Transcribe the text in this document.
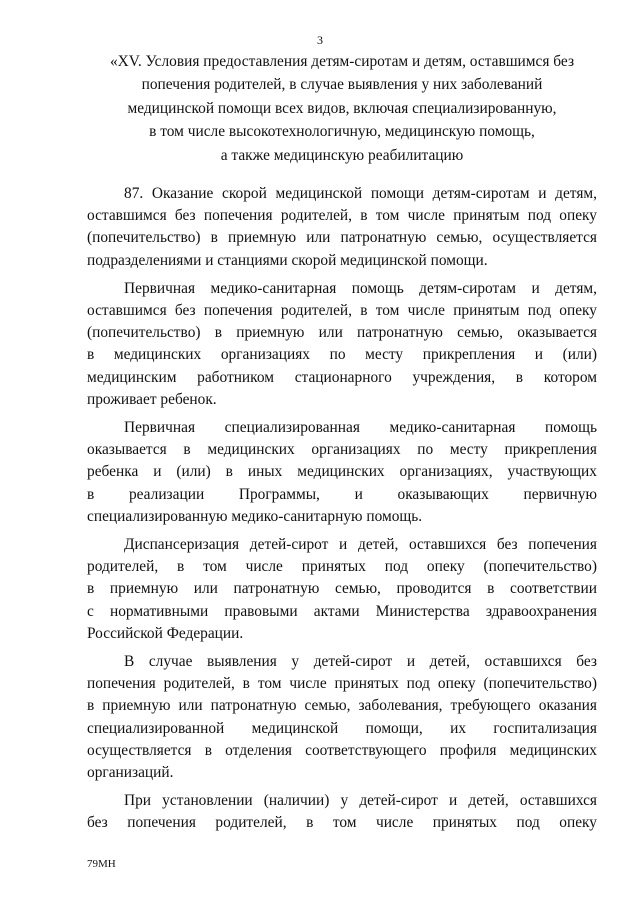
3
«XV. Условия предоставления детям-сиротам и детям, оставшимся без
попечения родителей, в случае выявления у них заболеваний
медицинской помощи всех видов, включая специализированную,
в том числе высокотехнологичную, медицинскую помощь,
а также медицинскую реабилитацию
87. Оказание скорой медицинской помощи детям-сиротам и детям,
оставшимся без попечения родителей, в том числе принятым под опеку
(попечительство) в приемную или патронатную семью, осуществляется
подразделениями и станциями скорой медицинской помощи.
Первичная медико-санитарная помощь детям-сиротам и детям,
оставшимся без попечения родителей, в том числе принятым под опеку
(попечительство) в приемную или патронатную семью, оказывается
в медицинских организациях по месту прикрепления и (или)
медицинским работником стационарного учреждения, в котором
проживает ребенок.
Первичная специализированная медико-санитарная помощь
оказывается в медицинских организациях по месту прикрепления
ребенка и (или) в иных медицинских организациях, участвующих
в реализации Программы, и оказывающих первичную
специализированную медико-санитарную помощь.
Диспансеризация детей-сирот и детей, оставшихся без попечения
родителей, в том числе принятых под опеку (попечительство)
в приемную или патронатную семью, проводится в соответствии
с нормативными правовыми актами Министерства здравоохранения
Российской Федерации.
В случае выявления у детей-сирот и детей, оставшихся без
попечения родителей, в том числе принятых под опеку (попечительство)
в приемную или патронатную семью, заболевания, требующего оказания
специализированной медицинской помощи, их госпитализация
осуществляется в отделения соответствующего профиля медицинских
организаций.
При установлении (наличии) у детей-сирот и детей, оставшихся
без попечения родителей, в том числе принятых под опеку
79МН
